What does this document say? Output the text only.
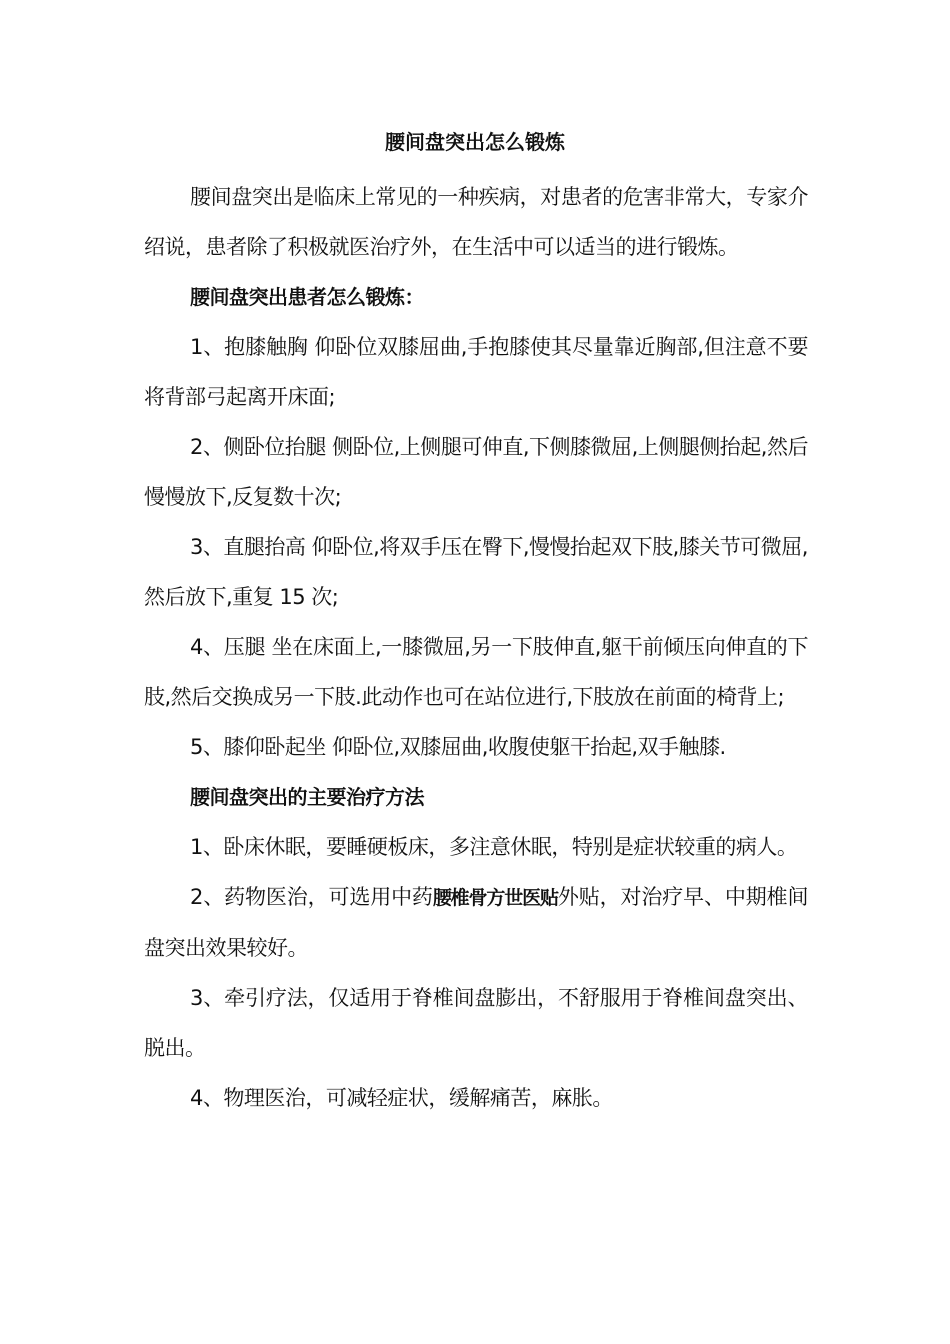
腰间盘突出怎么锻炼

腰间盘突出是临床上常见的一种疾病，对患者的危害非常大，专家介绍说，患者除了积极就医治疗外，在生活中可以适当的进行锻炼。

腰间盘突出患者怎么锻炼：

1、抱膝触胸 仰卧位双膝屈曲,手抱膝使其尽量靠近胸部,但注意不要将背部弓起离开床面;

2、侧卧位抬腿 侧卧位,上侧腿可伸直,下侧膝微屈,上侧腿侧抬起,然后慢慢放下,反复数十次;

3、直腿抬高 仰卧位,将双手压在臀下,慢慢抬起双下肢,膝关节可微屈,然后放下,重复 15 次;

4、压腿 坐在床面上,一膝微屈,另一下肢伸直,躯干前倾压向伸直的下肢,然后交换成另一下肢.此动作也可在站位进行,下肢放在前面的椅背上;

5、膝仰卧起坐 仰卧位,双膝屈曲,收腹使躯干抬起,双手触膝.

腰间盘突出的主要治疗方法

1、卧床休眠，要睡硬板床，多注意休眠，特别是症状较重的病人。

2、药物医治，可选用中药腰椎骨方世医贴外贴，对治疗早、中期椎间盘突出效果较好。

3、牵引疗法，仅适用于脊椎间盘膨出，不舒服用于脊椎间盘突出、脱出。

4、物理医治，可减轻症状，缓解痛苦，麻胀。
